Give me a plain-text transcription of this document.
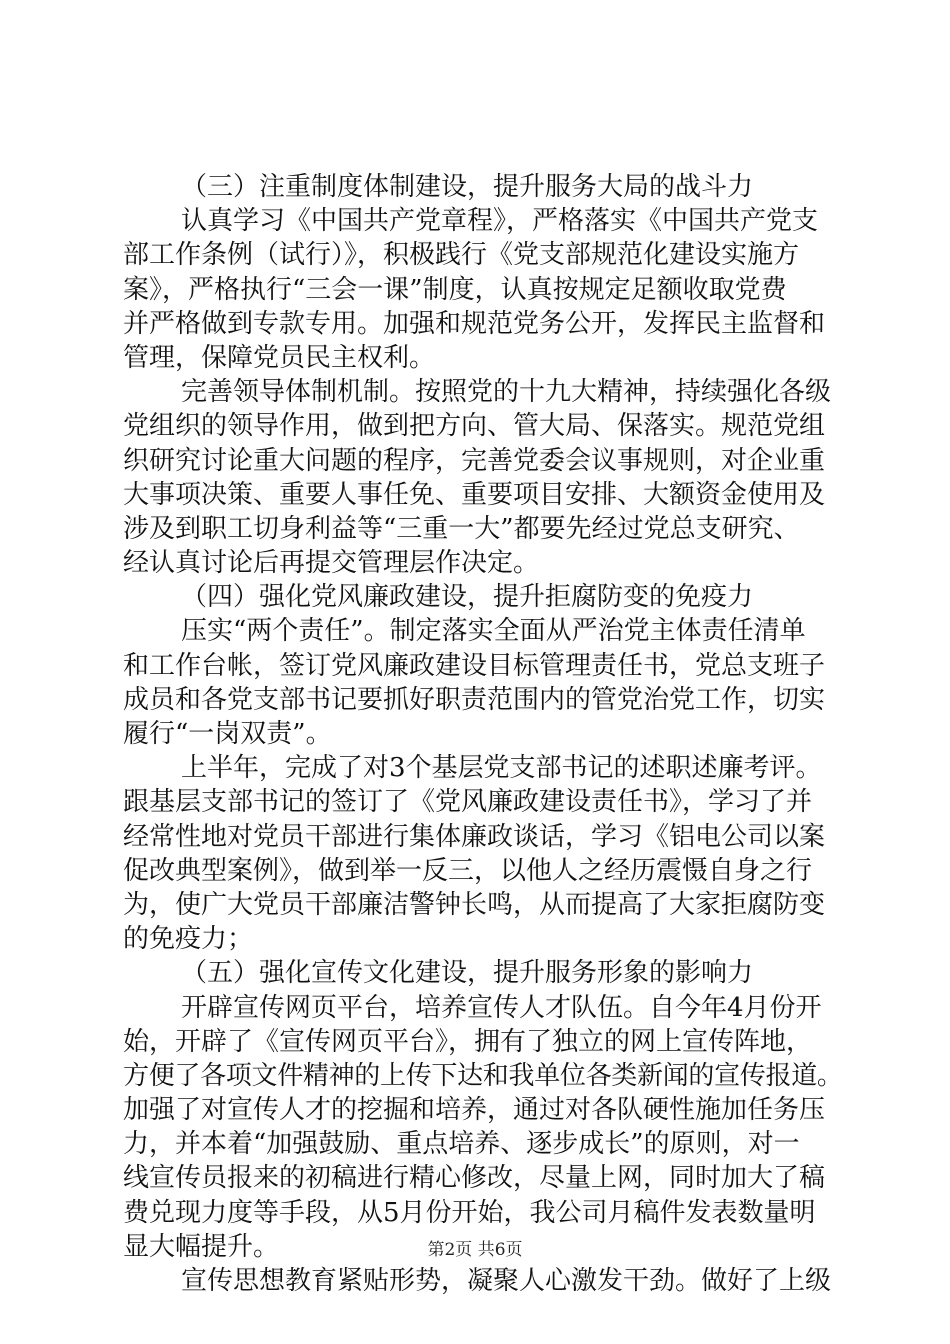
（三）注重制度体制建设，提升服务大局的战斗力
认真学习《中国共产党章程》，严格落实《中国共产党支
部工作条例（试行）》，积极践行《党支部规范化建设实施方
案》，严格执行“三会一课”制度，认真按规定足额收取党费
并严格做到专款专用。加强和规范党务公开，发挥民主监督和
管理，保障党员民主权利。
完善领导体制机制。按照党的十九大精神，持续强化各级
党组织的领导作用，做到把方向、管大局、保落实。规范党组
织研究讨论重大问题的程序，完善党委会议事规则，对企业重
大事项决策、重要人事任免、重要项目安排、大额资金使用及
涉及到职工切身利益等“三重一大”都要先经过党总支研究、
经认真讨论后再提交管理层作决定。
（四）强化党风廉政建设，提升拒腐防变的免疫力
压实“两个责任”。制定落实全面从严治党主体责任清单
和工作台帐，签订党风廉政建设目标管理责任书，党总支班子
成员和各党支部书记要抓好职责范围内的管党治党工作，切实
履行“一岗双责”。
上半年，完成了对3个基层党支部书记的述职述廉考评。
跟基层支部书记的签订了《党风廉政建设责任书》，学习了并
经常性地对党员干部进行集体廉政谈话，学习《铝电公司以案
促改典型案例》，做到举一反三，以他人之经历震慑自身之行
为，使广大党员干部廉洁警钟长鸣，从而提高了大家拒腐防变
的免疫力；
（五）强化宣传文化建设，提升服务形象的影响力
开辟宣传网页平台，培养宣传人才队伍。自今年4月份开
始，开辟了《宣传网页平台》，拥有了独立的网上宣传阵地，
方便了各项文件精神的上传下达和我单位各类新闻的宣传报道。
加强了对宣传人才的挖掘和培养，通过对各队硬性施加任务压
力，并本着“加强鼓励、重点培养、逐步成长”的原则，对一
线宣传员报来的初稿进行精心修改，尽量上网，同时加大了稿
费兑现力度等手段，从5月份开始，我公司月稿件发表数量明
显大幅提升。
宣传思想教育紧贴形势，凝聚人心激发干劲。做好了上级
第2页 共6页
